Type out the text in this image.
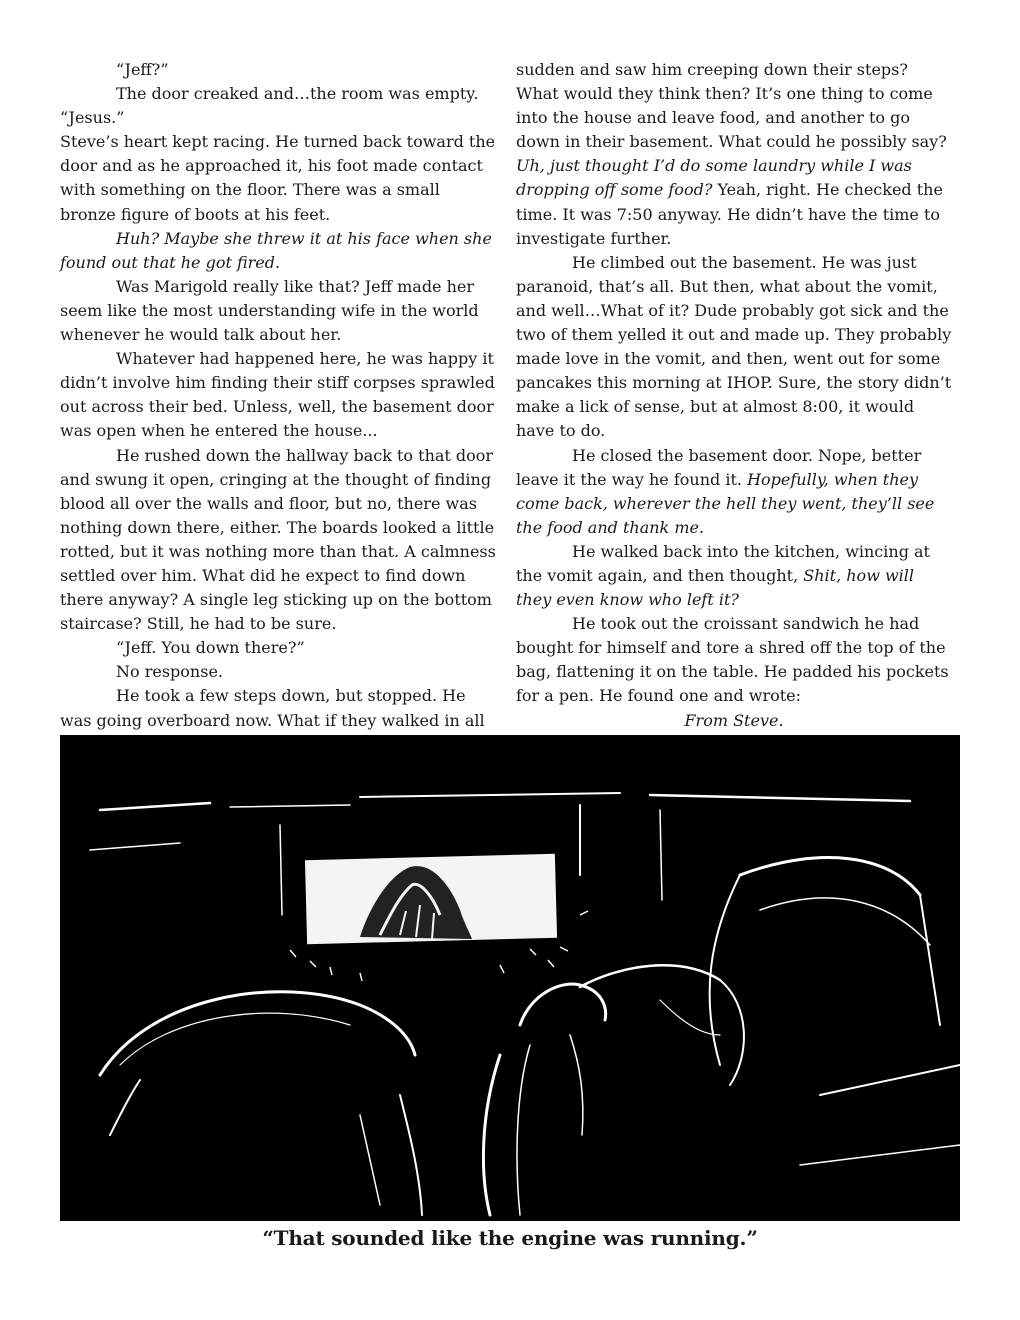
“Jeff?”

The door creaked and…the room was empty.

“Jesus.”

Steve’s heart kept racing. He turned back toward the door and as he approached it, his foot made contact with something on the floor. There was a small bronze figure of boots at his feet.

Huh? Maybe she threw it at his face when she found out that he got fired.

Was Marigold really like that? Jeff made her seem like the most understanding wife in the world whenever he would talk about her.

Whatever had happened here, he was happy it didn’t involve him finding their stiff corpses sprawled out across their bed. Unless, well, the basement door was open when he entered the house...

He rushed down the hallway back to that door and swung it open, cringing at the thought of finding blood all over the walls and floor, but no, there was nothing down there, either. The boards looked a little rotted, but it was nothing more than that. A calmness settled over him. What did he expect to find down there anyway? A single leg sticking up on the bottom staircase? Still, he had to be sure.

“Jeff. You down there?”

No response.

He took a few steps down, but stopped. He was going overboard now. What if they walked in all

sudden and saw him creeping down their steps? What would they think then? It’s one thing to come into the house and leave food, and another to go down in their basement. What could he possibly say? Uh, just thought I’d do some laundry while I was dropping off some food? Yeah, right. He checked the time. It was 7:50 anyway. He didn’t have the time to investigate further.

He climbed out the basement. He was just paranoid, that’s all. But then, what about the vomit, and well…What of it? Dude probably got sick and the two of them yelled it out and made up. They probably made love in the vomit, and then, went out for some pancakes this morning at IHOP. Sure, the story didn’t make a lick of sense, but at almost 8:00, it would have to do.

He closed the basement door. Nope, better leave it the way he found it. Hopefully, when they come back, wherever the hell they went, they’ll see the food and thank me.

He walked back into the kitchen, wincing at the vomit again, and then thought, Shit, how will they even know who left it?

He took out the croissant sandwich he had bought for himself and tore a shred off the top of the bag, flattening it on the table. He padded his pockets for a pen. He found one and wrote:

From Steve.

“That sounded like the engine was running.”
